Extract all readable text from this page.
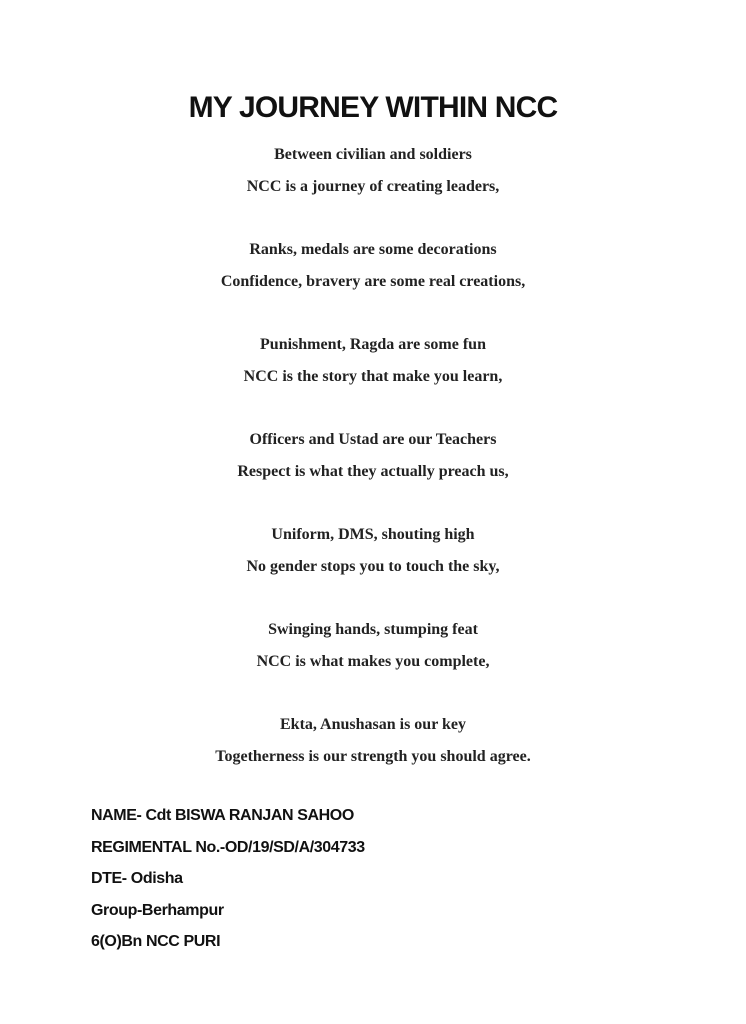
MY JOURNEY WITHIN NCC
Between civilian and soldiers
NCC is a journey of creating leaders,
Ranks, medals are some decorations
Confidence, bravery are some real creations,
Punishment, Ragda are some fun
NCC is the story that make you learn,
Officers and Ustad are our Teachers
Respect is what they actually preach us,
Uniform, DMS, shouting high
No gender stops you to touch the sky,
Swinging hands, stumping feat
NCC is what makes you complete,
Ekta, Anushasan is our key
Togetherness is our strength you should agree.
NAME- Cdt BISWA RANJAN SAHOO
REGIMENTAL No.-OD/19/SD/A/304733
DTE- Odisha
Group-Berhampur
6(O)Bn NCC PURI
